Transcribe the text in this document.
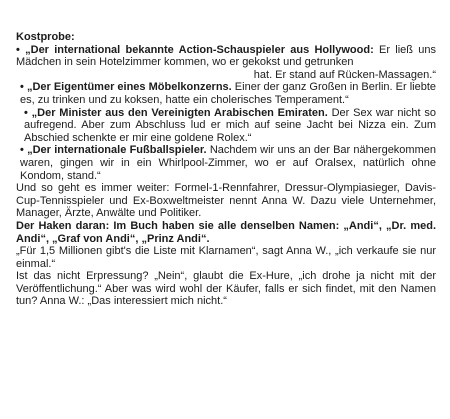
Kostprobe:

• „Der international bekannte Action-Schauspieler aus Hollywood: Er ließ uns Mädchen in sein Hotelzimmer kommen, wo er gekokst und getrunken
hat. Er stand auf Rücken-Massagen.“

• „Der Eigentümer eines Möbelkonzerns. Einer der ganz Großen in Berlin. Er liebte es, zu trinken und zu koksen, hatte ein cholerisches Temperament.“

• „Der Minister aus den Vereinigten Arabischen Emiraten. Der Sex war nicht so aufregend. Aber zum Abschluss lud er mich auf seine Jacht bei Nizza ein. Zum Abschied schenkte er mir eine goldene Rolex.“

• „Der internationale Fußballspieler. Nachdem wir uns an der Bar nähergekommen waren, gingen wir in ein Whirlpool-Zimmer, wo er auf Oralsex, natürlich ohne Kondom, stand.“

Und so geht es immer weiter: Formel-1-Rennfahrer, Dressur-Olympiasieger, Davis-Cup-Tennisspieler und Ex-Boxweltmeister nennt Anna W. Dazu viele Unternehmer, Manager, Ärzte, Anwälte und Politiker.

Der Haken daran: Im Buch haben sie alle denselben Namen: „Andi“, „Dr. med. Andi“, „Graf von Andi“, „Prinz Andi“.

„Für 1,5 Millionen gibt's die Liste mit Klarnamen“, sagt Anna W., „ich verkaufe sie nur einmal.“

Ist das nicht Erpressung? „Nein“, glaubt die Ex-Hure, „ich drohe ja nicht mit der Veröffentlichung.“ Aber was wird wohl der Käufer, falls er sich findet, mit den Namen tun? Anna W.: „Das interessiert mich nicht.“
